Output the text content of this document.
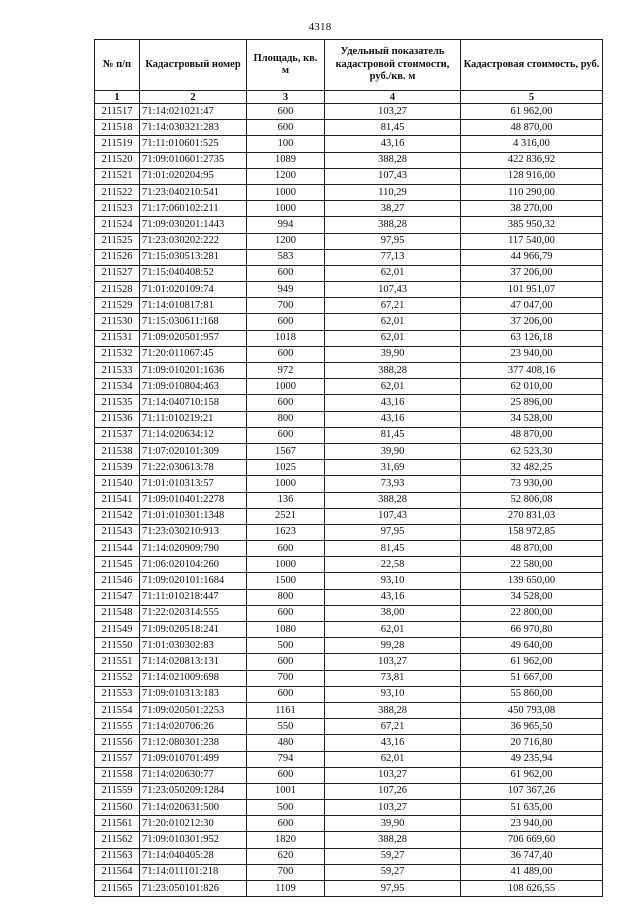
4318
№ п/п	Кадастровый номер	Площадь, кв. м	Удельный показатель кадастровой стоимости, руб./кв. м	Кадастровая стоимость, руб.
1	2	3	4	5
211517	71:14:021021:47	600	103,27	61 962,00
211518	71:14:030321:283	600	81,45	48 870,00
211519	71:11:010601:525	100	43,16	4 316,00
211520	71:09:010601:2735	1089	388,28	422 836,92
211521	71:01:020204:95	1200	107,43	128 916,00
211522	71:23:040210:541	1000	110,29	110 290,00
211523	71:17:060102:211	1000	38,27	38 270,00
211524	71:09:030201:1443	994	388,28	385 950,32
211525	71:23:030202:222	1200	97,95	117 540,00
211526	71:15:030513:281	583	77,13	44 966,79
211527	71:15:040408:52	600	62,01	37 206,00
211528	71:01:020109:74	949	107,43	101 951,07
211529	71:14:010817:81	700	67,21	47 047,00
211530	71:15:030611:168	600	62,01	37 206,00
211531	71:09:020501:957	1018	62,01	63 126,18
211532	71:20:011067:45	600	39,90	23 940,00
211533	71:09:010201:1636	972	388,28	377 408,16
211534	71:09:010804:463	1000	62,01	62 010,00
211535	71:14:040710:158	600	43,16	25 896,00
211536	71:11:010219:21	800	43,16	34 528,00
211537	71:14:020634:12	600	81,45	48 870,00
211538	71:07:020101:309	1567	39,90	62 523,30
211539	71:22:030613:78	1025	31,69	32 482,25
211540	71:01:010313:57	1000	73,93	73 930,00
211541	71:09:010401:2278	136	388,28	52 806,08
211542	71:01:010301:1348	2521	107,43	270 831,03
211543	71:23:030210:913	1623	97,95	158 972,85
211544	71:14:020909:790	600	81,45	48 870,00
211545	71:06:020104:260	1000	22,58	22 580,00
211546	71:09:020101:1684	1500	93,10	139 650,00
211547	71:11:010218:447	800	43,16	34 528,00
211548	71:22:020314:555	600	38,00	22 800,00
211549	71:09:020518:241	1080	62,01	66 970,80
211550	71:01:030302:83	500	99,28	49 640,00
211551	71:14:020813:131	600	103,27	61 962,00
211552	71:14:021009:698	700	73,81	51 667,00
211553	71:09:010313:183	600	93,10	55 860,00
211554	71:09:020501:2253	1161	388,28	450 793,08
211555	71:14:020706:26	550	67,21	36 965,50
211556	71:12:080301:238	480	43,16	20 716,80
211557	71:09:010701:499	794	62,01	49 235,94
211558	71:14:020630:77	600	103,27	61 962,00
211559	71:23:050209:1284	1001	107,26	107 367,26
211560	71:14:020631:500	500	103,27	51 635,00
211561	71:20:010212:30	600	39,90	23 940,00
211562	71:09:010301:952	1820	388,28	706 669,60
211563	71:14:040405:28	620	59,27	36 747,40
211564	71:14:011101:218	700	59,27	41 489,00
211565	71:23:050101:826	1109	97,95	108 626,55
